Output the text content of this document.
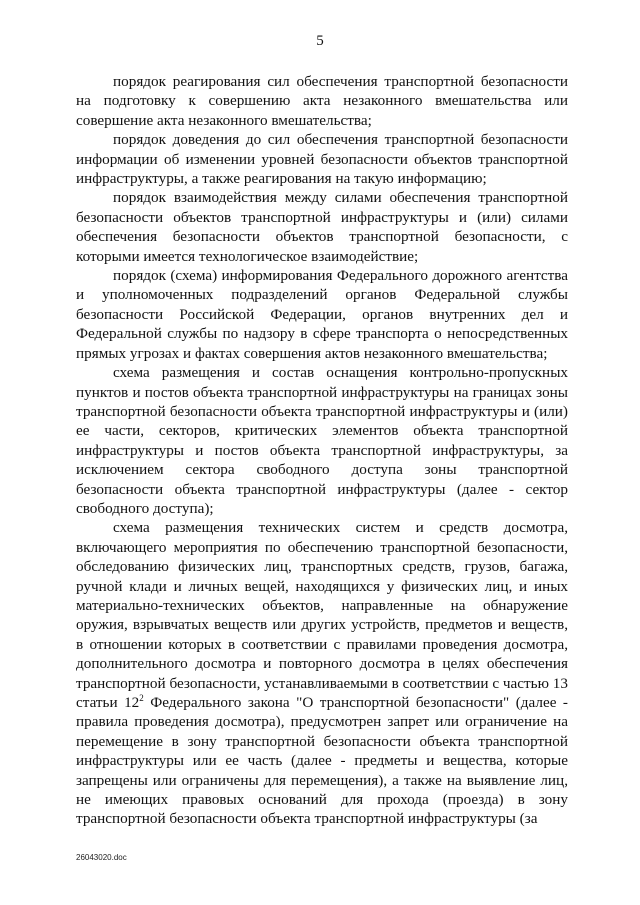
5

порядок реагирования сил обеспечения транспортной безопасности на подготовку к совершению акта незаконного вмешательства или совершение акта незаконного вмешательства;

порядок доведения до сил обеспечения транспортной безопасности информации об изменении уровней безопасности объектов транспортной инфраструктуры, а также реагирования на такую информацию;

порядок взаимодействия между силами обеспечения транспортной безопасности объектов транспортной инфраструктуры и (или) силами обеспечения безопасности объектов транспортной безопасности, с которыми имеется технологическое взаимодействие;

порядок (схема) информирования Федерального дорожного агентства и уполномоченных подразделений органов Федеральной службы безопасности Российской Федерации, органов внутренних дел и Федеральной службы по надзору в сфере транспорта о непосредственных прямых угрозах и фактах совершения актов незаконного вмешательства;

схема размещения и состав оснащения контрольно-пропускных пунктов и постов объекта транспортной инфраструктуры на границах зоны транспортной безопасности объекта транспортной инфраструктуры и (или) ее части, секторов, критических элементов объекта транспортной инфраструктуры и постов объекта транспортной инфраструктуры, за исключением сектора свободного доступа зоны транспортной безопасности объекта транспортной инфраструктуры (далее - сектор свободного доступа);

схема размещения технических систем и средств досмотра, включающего мероприятия по обеспечению транспортной безопасности, обследованию физических лиц, транспортных средств, грузов, багажа, ручной клади и личных вещей, находящихся у физических лиц, и иных материально-технических объектов, направленные на обнаружение оружия, взрывчатых веществ или других устройств, предметов и веществ, в отношении которых в соответствии с правилами проведения досмотра, дополнительного досмотра и повторного досмотра в целях обеспечения транспортной безопасности, устанавливаемыми в соответствии с частью 13 статьи $12^2$ Федерального закона "О транспортной безопасности" (далее - правила проведения досмотра), предусмотрен запрет или ограничение на перемещение в зону транспортной безопасности объекта транспортной инфраструктуры или ее часть (далее - предметы и вещества, которые запрещены или ограничены для перемещения), а также на выявление лиц, не имеющих правовых оснований для прохода (проезда) в зону транспортной безопасности объекта транспортной инфраструктуры (за

26043020.doc
